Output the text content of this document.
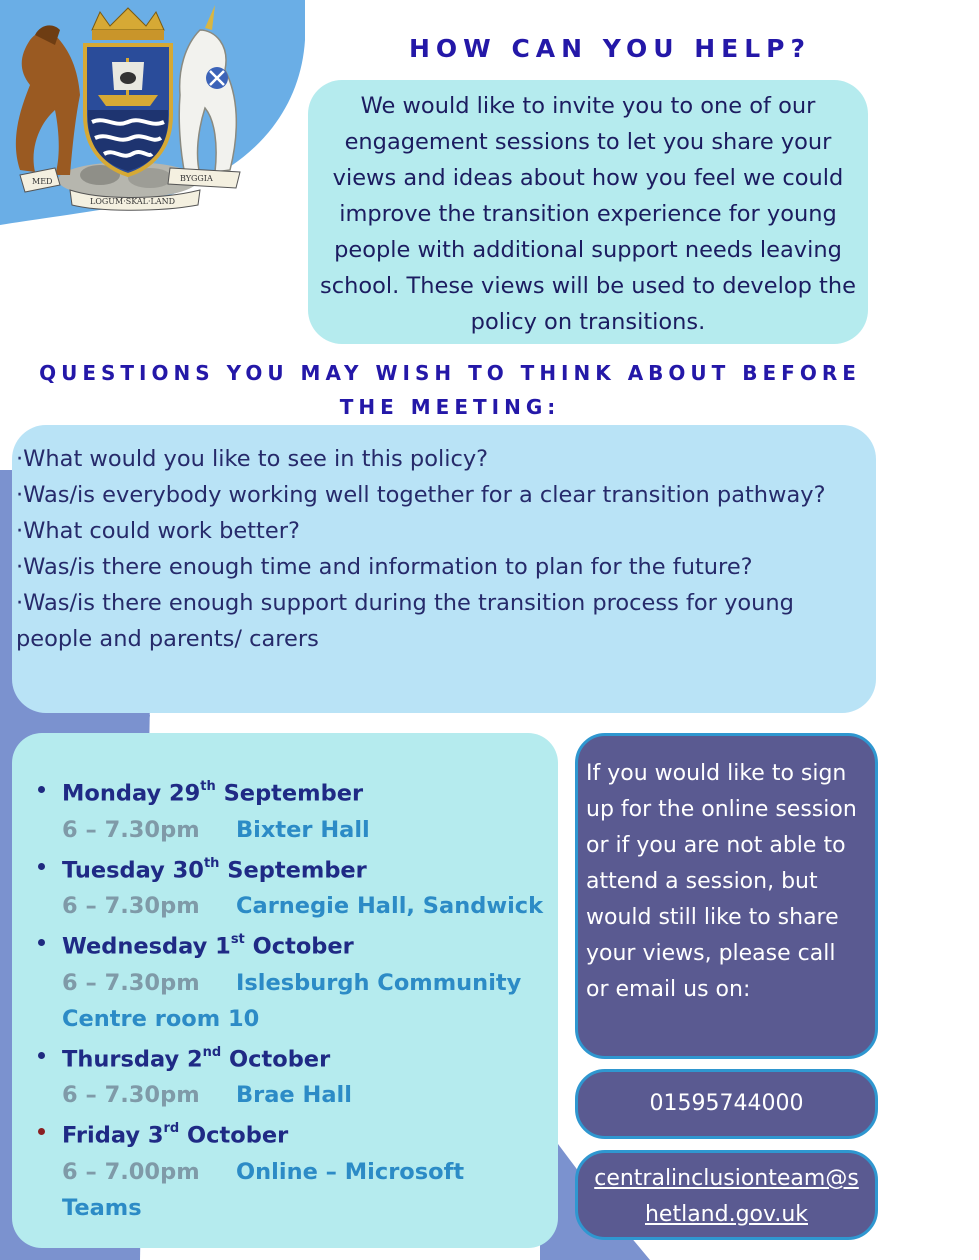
MED
LOGUM·SKAL·LAND
BYGGIA
HOW CAN YOU HELP?

We would like to invite you to one of our engagement sessions to let you share your views and ideas about how you feel we could improve the transition experience for young people with additional support needs leaving school. These views will be used to develop the policy on transitions.

QUESTIONS YOU MAY WISH TO THINK ABOUT BEFORE THE MEETING:

·What would you like to see in this policy?

·Was/is everybody working well together for a clear transition pathway?

·What could work better?

·Was/is there enough time and information to plan for the future?

·Was/is there enough support during the transition process for young people and parents/ carers

Monday 29th September

6 – 7.30pm Bixter Hall

Tuesday 30th September

6 – 7.30pm Carnegie Hall, Sandwick

Wednesday 1st October

6 – 7.30pm Islesburgh Community Centre room 10

Thursday 2nd October

6 – 7.30pm Brae Hall

Friday 3rd October

6 – 7.00pm Online – Microsoft Teams

If you would like to sign up for the online session or if you are not able to attend a session, but would still like to share your views, please call or email us on:

01595744000
centralinclusionteam@shetland.gov.uk
